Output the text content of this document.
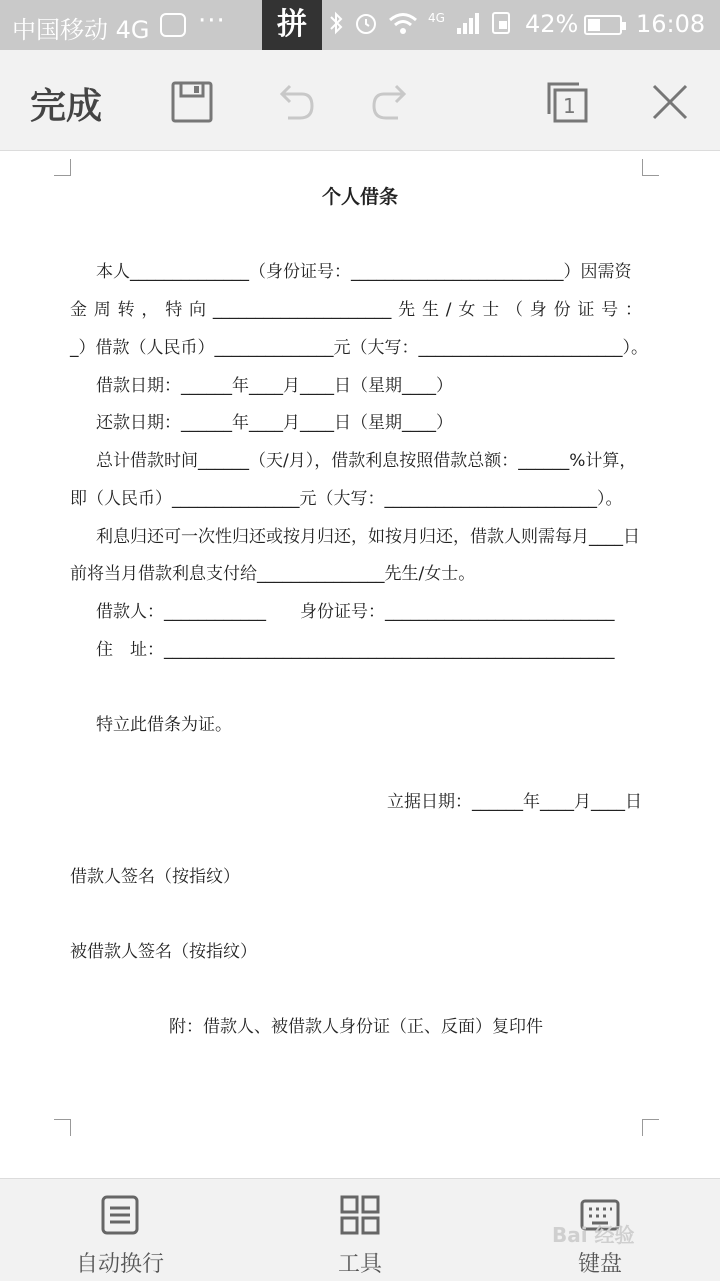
中国移动 4G ···	拼	4G	42% 16:08
完成	1
个人借条
本人______________（身份证号：_________________________）因需资
金周转，特向_____________________先生/女士（身份证号：
_）借款（人民币）______________元（大写：________________________）。
借款日期：______年____月____日（星期____）
还款日期：______年____月____日（星期____）
总计借款时间______（天/月），借款利息按照借款总额：______%计算，
即（人民币）_______________元（大写：_________________________）。
利息归还可一次性归还或按月归还，如按月归还，借款人则需每月____日
前将当月借款利息支付给_______________先生/女士。
借款人：____________　　身份证号：___________________________
住　址：_____________________________________________________
特立此借条为证。
立据日期：______年____月____日
借款人签名（按指纹）
被借款人签名（按指纹）
附：借款人、被借款人身份证（正、反面）复印件
自动换行	工具	键盘
Bai 经验
